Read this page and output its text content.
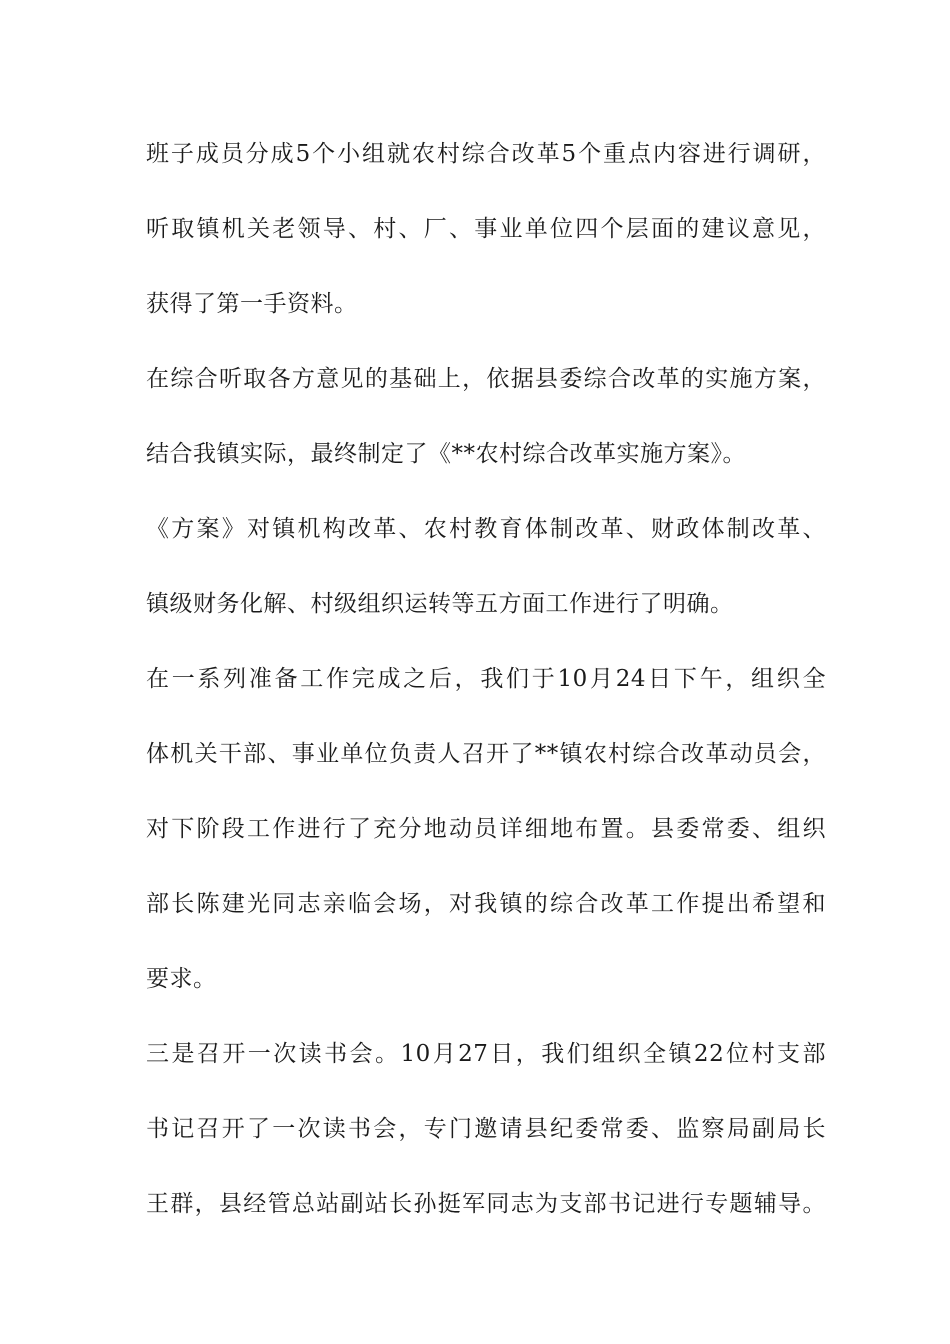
班子成员分成5个小组就农村综合改革5个重点内容进行调研，
听取镇机关老领导、村、厂、事业单位四个层面的建议意见，
获得了第一手资料。
在综合听取各方意见的基础上，依据县委综合改革的实施方案，
结合我镇实际，最终制定了《**农村综合改革实施方案》。
《方案》对镇机构改革、农村教育体制改革、财政体制改革、
镇级财务化解、村级组织运转等五方面工作进行了明确。
在一系列准备工作完成之后，我们于10月24日下午，组织全
体机关干部、事业单位负责人召开了**镇农村综合改革动员会，
对下阶段工作进行了充分地动员详细地布置。县委常委、组织
部长陈建光同志亲临会场，对我镇的综合改革工作提出希望和
要求。
三是召开一次读书会。10月27日，我们组织全镇22位村支部
书记召开了一次读书会，专门邀请县纪委常委、监察局副局长
王群，县经管总站副站长孙挺军同志为支部书记进行专题辅导。
